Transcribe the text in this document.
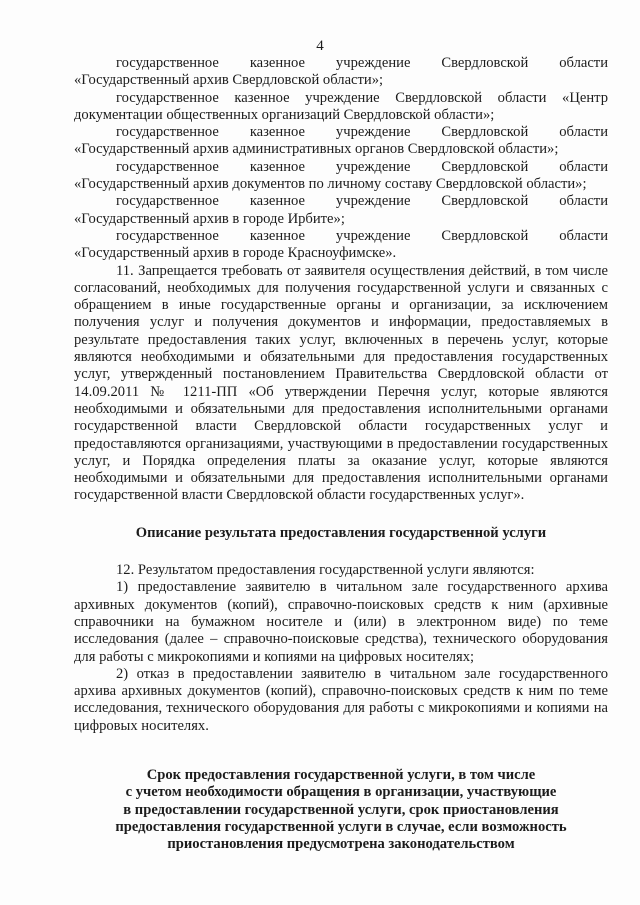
4

государственное казенное учреждение Свердловской области «Государственный архив Свердловской области»;

государственное казенное учреждение Свердловской области «Центр документации общественных организаций Свердловской области»;

государственное казенное учреждение Свердловской области «Государственный архив административных органов Свердловской области»;

государственное казенное учреждение Свердловской области «Государственный архив документов по личному составу Свердловской области»;

государственное казенное учреждение Свердловской области «Государственный архив в городе Ирбите»;

государственное казенное учреждение Свердловской области «Государственный архив в городе Красноуфимске».

11. Запрещается требовать от заявителя осуществления действий, в том числе согласований, необходимых для получения государственной услуги и связанных с обращением в иные государственные органы и организации, за исключением получения услуг и получения документов и информации, предоставляемых в результате предоставления таких услуг, включенных в перечень услуг, которые являются необходимыми и обязательными для предоставления государственных услуг, утвержденный постановлением Правительства Свердловской области от 14.09.2011 № 1211-ПП «Об утверждении Перечня услуг, которые являются необходимыми и обязательными для предоставления исполнительными органами государственной власти Свердловской области государственных услуг и предоставляются организациями, участвующими в предоставлении государственных услуг, и Порядка определения платы за оказание услуг, которые являются необходимыми и обязательными для предоставления исполнительными органами государственной власти Свердловской области государственных услуг».

Описание результата предоставления государственной услуги

12. Результатом предоставления государственной услуги являются:

1) предоставление заявителю в читальном зале государственного архива архивных документов (копий), справочно-поисковых средств к ним (архивные справочники на бумажном носителе и (или) в электронном виде) по теме исследования (далее – справочно-поисковые средства), технического оборудования для работы с микрокопиями и копиями на цифровых носителях;

2) отказ в предоставлении заявителю в читальном зале государственного архива архивных документов (копий), справочно-поисковых средств к ним по теме исследования, технического оборудования для работы с микрокопиями и копиями на цифровых носителях.

Срок предоставления государственной услуги, в том числе
с учетом необходимости обращения в организации, участвующие
в предоставлении государственной услуги, срок приостановления
предоставления государственной услуги в случае, если возможность
приостановления предусмотрена законодательством
